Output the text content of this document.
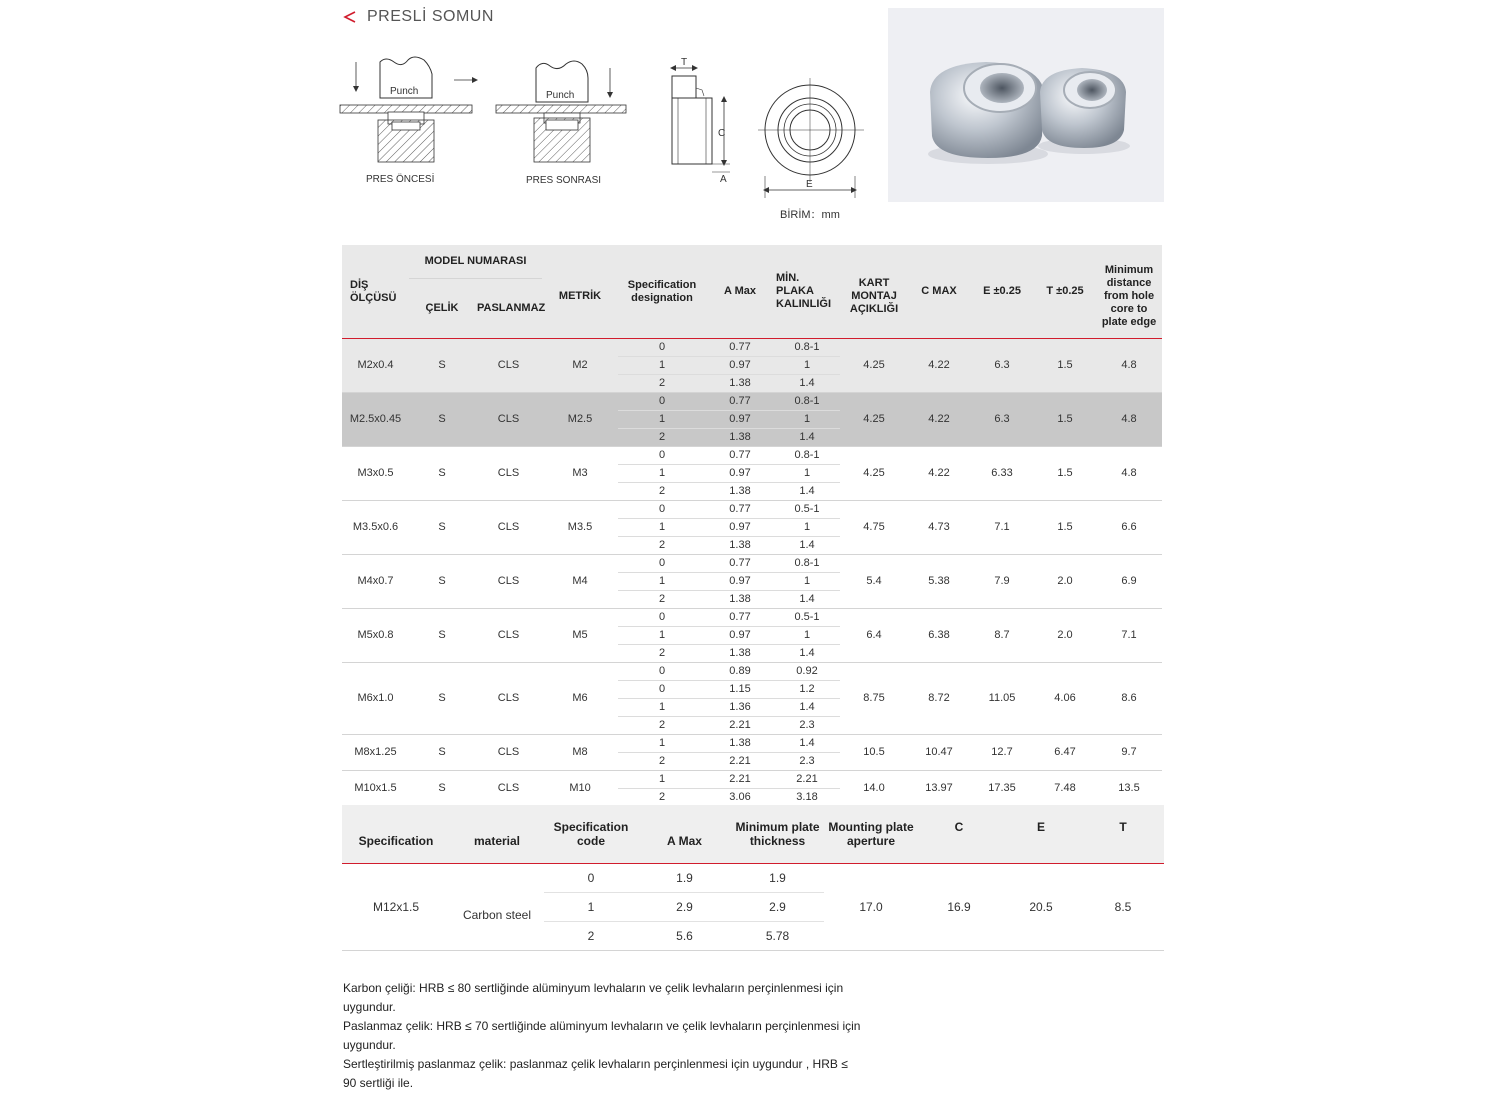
PRESLİ SOMUN
Punch
PRES ÖNCESİ
Punch
PRES SONRASI
T
C
A	E
BİRİM：mm
DİŞ ÖLÇÜSÜ	MODEL NUMARASI		METRİK	Specification designation	A Max	MİN. PLAKA KALINLIĞI	KART MONTAJ AÇIKLIĞI	C MAX	E ±0.25	T ±0.25	Minimum distance from hole core to plate edge
	ÇELİK	PASLANMAZ									
M2x0.4	S	CLS	M2	0	0.77	0.8-1	4.25	4.22	6.3	1.5	4.8
				1	0.97	1					
				2	1.38	1.4					
M2.5x0.45	S	CLS	M2.5	0	0.77	0.8-1	4.25	4.22	6.3	1.5	4.8
				1	0.97	1					
				2	1.38	1.4					
M3x0.5	S	CLS	M3	0	0.77	0.8-1	4.25	4.22	6.33	1.5	4.8
				1	0.97	1					
				2	1.38	1.4					
M3.5x0.6	S	CLS	M3.5	0	0.77	0.5-1	4.75	4.73	7.1	1.5	6.6
				1	0.97	1					
				2	1.38	1.4					
M4x0.7	S	CLS	M4	0	0.77	0.8-1	5.4	5.38	7.9	2.0	6.9
				1	0.97	1					
				2	1.38	1.4					
M5x0.8	S	CLS	M5	0	0.77	0.5-1	6.4	6.38	8.7	2.0	7.1
				1	0.97	1					
				2	1.38	1.4					
M6x1.0	S	CLS	M6	0	0.89	0.92	8.75	8.72	11.05	4.06	8.6
				0	1.15	1.2					
				1	1.36	1.4					
				2	2.21	2.3					
M8x1.25	S	CLS	M8	1	1.38	1.4	10.5	10.47	12.7	6.47	9.7
				2	2.21	2.3					
M10x1.5	S	CLS	M10	1	2.21	2.21	14.0	13.97	17.35	7.48	13.5
				2	3.06	3.18					
Specification	material	Specification code	A Max	Minimum plate thickness	Mounting plate aperture	C	E	T
M12x1.5	Carbon steel	0	1.9	1.9	17.0	16.9	20.5	8.5
		1	2.9	2.9				
		2	5.6	5.78				

Karbon çeliği: HRB ≤ 80 sertliğinde alüminyum levhaların ve çelik levhaların perçinlenmesi için uygundur.

Paslanmaz çelik: HRB ≤ 70 sertliğinde alüminyum levhaların ve çelik levhaların perçinlenmesi için uygundur.

Sertleştirilmiş paslanmaz çelik: paslanmaz çelik levhaların perçinlenmesi için uygundur , HRB ≤ 90 sertliği ile.
